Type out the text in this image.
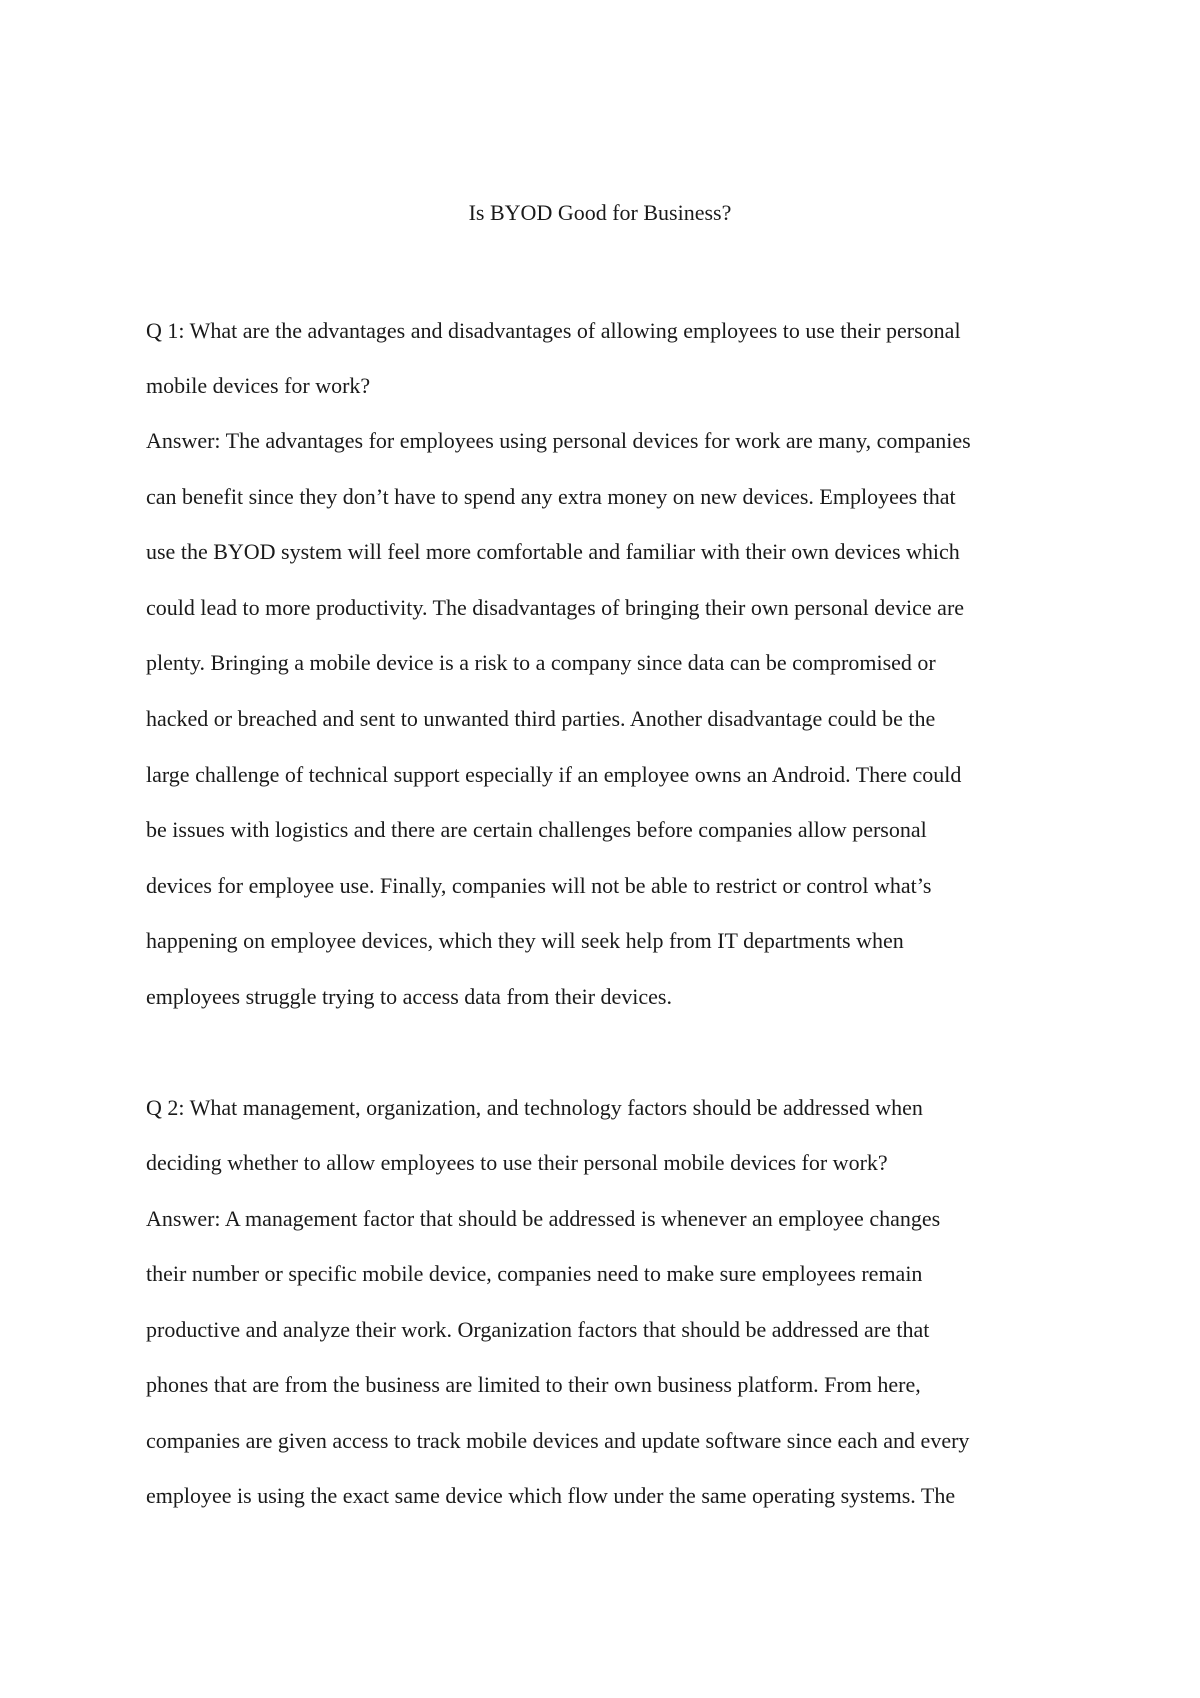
Is BYOD Good for Business?

Q 1: What are the advantages and disadvantages of allowing employees to use their personal

mobile devices for work?

Answer: The advantages for employees using personal devices for work are many, companies

can benefit since they don’t have to spend any extra money on new devices. Employees that

use the BYOD system will feel more comfortable and familiar with their own devices which

could lead to more productivity. The disadvantages of bringing their own personal device are

plenty. Bringing a mobile device is a risk to a company since data can be compromised or

hacked or breached and sent to unwanted third parties. Another disadvantage could be the

large challenge of technical support especially if an employee owns an Android. There could

be issues with logistics and there are certain challenges before companies allow personal

devices for employee use. Finally, companies will not be able to restrict or control what’s

happening on employee devices, which they will seek help from IT departments when

employees struggle trying to access data from their devices.

Q 2: What management, organization, and technology factors should be addressed when

deciding whether to allow employees to use their personal mobile devices for work?

Answer: A management factor that should be addressed is whenever an employee changes

their number or specific mobile device, companies need to make sure employees remain

productive and analyze their work. Organization factors that should be addressed are that

phones that are from the business are limited to their own business platform. From here,

companies are given access to track mobile devices and update software since each and every

employee is using the exact same device which flow under the same operating systems. The
